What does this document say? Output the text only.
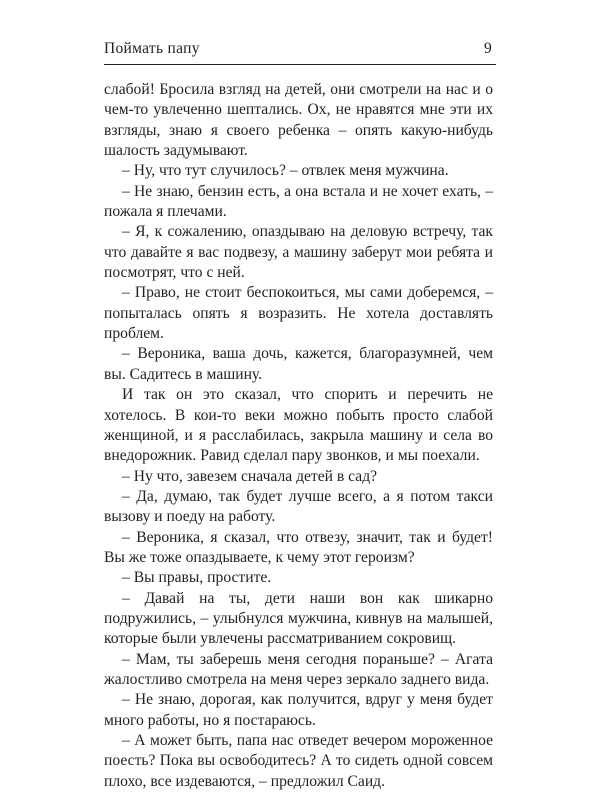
Поймать папу	9

слабой! Бросила взгляд на детей, они смотрели на нас и о чем-то увлеченно шептались. Ох, не нравятся мне эти их взгляды, знаю я своего ребенка – опять какую-нибудь шалость задумывают.

– Ну, что тут случилось? – отвлек меня мужчина.

– Не знаю, бензин есть, а она встала и не хочет ехать, – пожала я плечами.

– Я, к сожалению, опаздываю на деловую встречу, так что давайте я вас подвезу, а машину заберут мои ребята и посмотрят, что с ней.

– Право, не стоит беспокоиться, мы сами доберемся, – попыталась опять я возразить. Не хотела доставлять проблем.

– Вероника, ваша дочь, кажется, благоразумней, чем вы. Садитесь в машину.

И так он это сказал, что спорить и перечить не хотелось. В кои-то веки можно побыть просто слабой женщиной, и я расслабилась, закрыла машину и села во внедорожник. Равид сделал пару звонков, и мы поехали.

– Ну что, завезем сначала детей в сад?

– Да, думаю, так будет лучше всего, а я потом такси вызову и поеду на работу.

– Вероника, я сказал, что отвезу, значит, так и будет! Вы же тоже опаздываете, к чему этот героизм?

– Вы правы, простите.

– Давай на ты, дети наши вон как шикарно подружились, – улыбнулся мужчина, кивнув на малышей, которые были увлечены рассматриванием сокровищ.

– Мам, ты заберешь меня сегодня пораньше? – Агата жалостливо смотрела на меня через зеркало заднего вида.

– Не знаю, дорогая, как получится, вдруг у меня будет много работы, но я постараюсь.

– А может быть, папа нас отведет вечером мороженное поесть? Пока вы освободитесь? А то сидеть одной совсем плохо, все издеваются, – предложил Саид.
